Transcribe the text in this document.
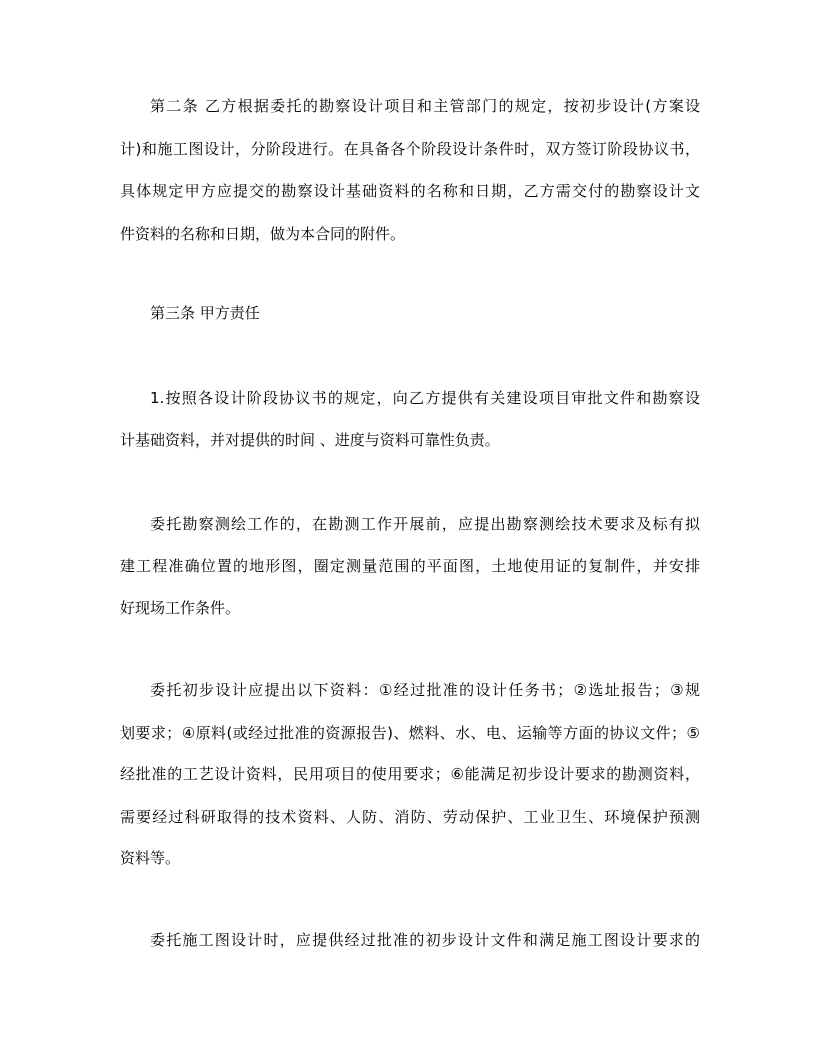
第二条 乙方根据委托的勘察设计项目和主管部门的规定，按初步设计(方案设
计)和施工图设计，分阶段进行。在具备各个阶段设计条件时，双方签订阶段协议书，
具体规定甲方应提交的勘察设计基础资料的名称和日期，乙方需交付的勘察设计文
件资料的名称和日期，做为本合同的附件。
第三条 甲方责任
1.按照各设计阶段协议书的规定，向乙方提供有关建设项目审批文件和勘察设
计基础资料，并对提供的时间 、进度与资料可靠性负责。
委托勘察测绘工作的，在勘测工作开展前，应提出勘察测绘技术要求及标有拟
建工程准确位置的地形图，圈定测量范围的平面图，土地使用证的复制件，并安排
好现场工作条件。
委托初步设计应提出以下资料：①经过批准的设计任务书；②选址报告；③规
划要求；④原料(或经过批准的资源报告)、燃料、水、电、运输等方面的协议文件；⑤
经批准的工艺设计资料，民用项目的使用要求；⑥能满足初步设计要求的勘测资料，
需要经过科研取得的技术资料、人防、消防、劳动保护、工业卫生、环境保护预测
资料等。
委托施工图设计时，应提供经过批准的初步设计文件和满足施工图设计要求的
